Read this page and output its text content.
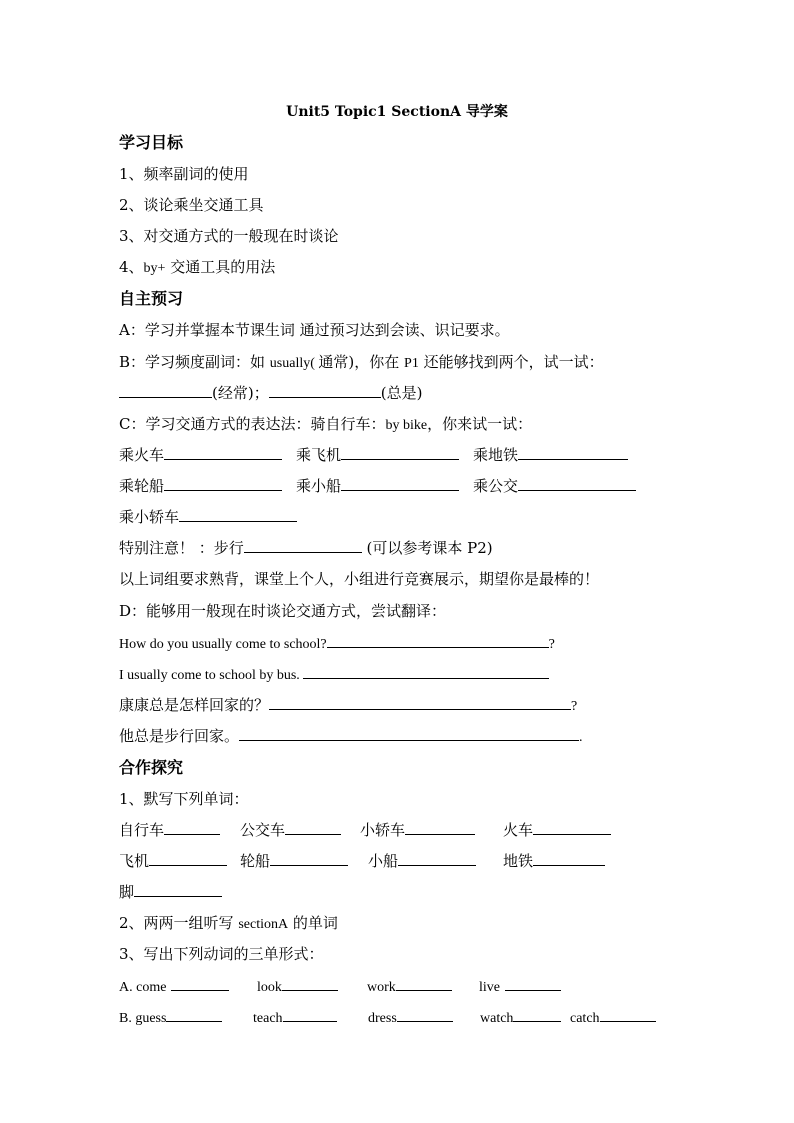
Unit5 Topic1 SectionA 导学案
学习目标
1、频率副词的使用
2、谈论乘坐交通工具
3、对交通方式的一般现在时谈论
4、by+ 交通工具的用法
自主预习
A：学习并掌握本节课生词 通过预习达到会读、识记要求。
B：学习频度副词：如 usually( 通常)，你在 P1 还能够找到两个，试一试：
(经常)；	(总是)
C：学习交通方式的表达法：骑自行车：by bike，你来试一试：
乘火车	乘飞机	乘地铁
乘轮船	乘小船	乘公交
乘小轿车
特别注意！ ：步行	(可以参考课本 P2)
以上词组要求熟背，课堂上个人，小组进行竞赛展示，期望你是最棒的！
D：能够用一般现在时谈论交通方式，尝试翻译：
How do you usually come to school?	?
I usually come to school by bus.
康康总是怎样回家的？	?
他总是步行回家。	.
合作探究
1、默写下列单词：
自行车	公交车	小轿车	火车
飞机	轮船	小船	地铁
脚
2、两两一组听写 sectionA 的单词
3、写出下列动词的三单形式：
A. come	look	work	live
B. guess	teach	dress	watch	catch
